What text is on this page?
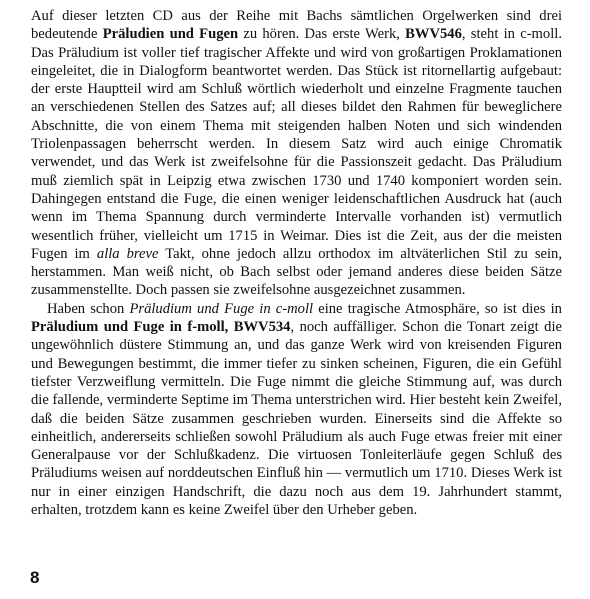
Auf dieser letzten CD aus der Reihe mit Bachs sämtlichen Orgelwerken sind drei bedeutende Präludien und Fugen zu hören. Das erste Werk, BWV546, steht in c-moll. Das Präludium ist voller tief tragischer Affekte und wird von großartigen Proklamationen eingeleitet, die in Dialogform beantwortet werden. Das Stück ist ritornellartig aufgebaut: der erste Hauptteil wird am Schluß wörtlich wiederholt und einzelne Fragmente tauchen an verschiedenen Stellen des Satzes auf; all dieses bildet den Rahmen für beweglichere Abschnitte, die von einem Thema mit steigenden halben Noten und sich windenden Triolenpassagen beherrscht werden. In diesem Satz wird auch einige Chromatik verwendet, und das Werk ist zweifelsohne für die Passionszeit gedacht. Das Präludium muß ziemlich spät in Leipzig etwa zwischen 1730 und 1740 komponiert worden sein. Dahingegen entstand die Fuge, die einen weniger leidenschaftlichen Ausdruck hat (auch wenn im Thema Spannung durch verminderte Intervalle vorhanden ist) vermutlich wesentlich früher, vielleicht um 1715 in Weimar. Dies ist die Zeit, aus der die meisten Fugen im alla breve Takt, ohne jedoch allzu orthodox im altväterlichen Stil zu sein, herstammen. Man weiß nicht, ob Bach selbst oder jemand anderes diese beiden Sätze zusammenstellte. Doch passen sie zweifelsohne ausgezeichnet zusammen.

Haben schon Präludium und Fuge in c-moll eine tragische Atmosphäre, so ist dies in Präludium und Fuge in f-moll, BWV534, noch auffälliger. Schon die Tonart zeigt die ungewöhnlich düstere Stimmung an, und das ganze Werk wird von kreisenden Figuren und Bewegungen bestimmt, die immer tiefer zu sinken scheinen, Figuren, die ein Gefühl tiefster Verzweiflung vermitteln. Die Fuge nimmt die gleiche Stimmung auf, was durch die fallende, verminderte Septime im Thema unterstrichen wird. Hier besteht kein Zweifel, daß die beiden Sätze zusammen geschrieben wurden. Einerseits sind die Affekte so einheitlich, andererseits schließen sowohl Präludium als auch Fuge etwas freier mit einer Generalpause vor der Schlußkadenz. Die virtuosen Tonleiterläufe gegen Schluß des Präludiums weisen auf norddeutschen Einfluß hin — vermutlich um 1710. Dieses Werk ist nur in einer einzigen Handschrift, die dazu noch aus dem 19. Jahrhundert stammt, erhalten, trotzdem kann es keine Zweifel über den Urheber geben.

8
